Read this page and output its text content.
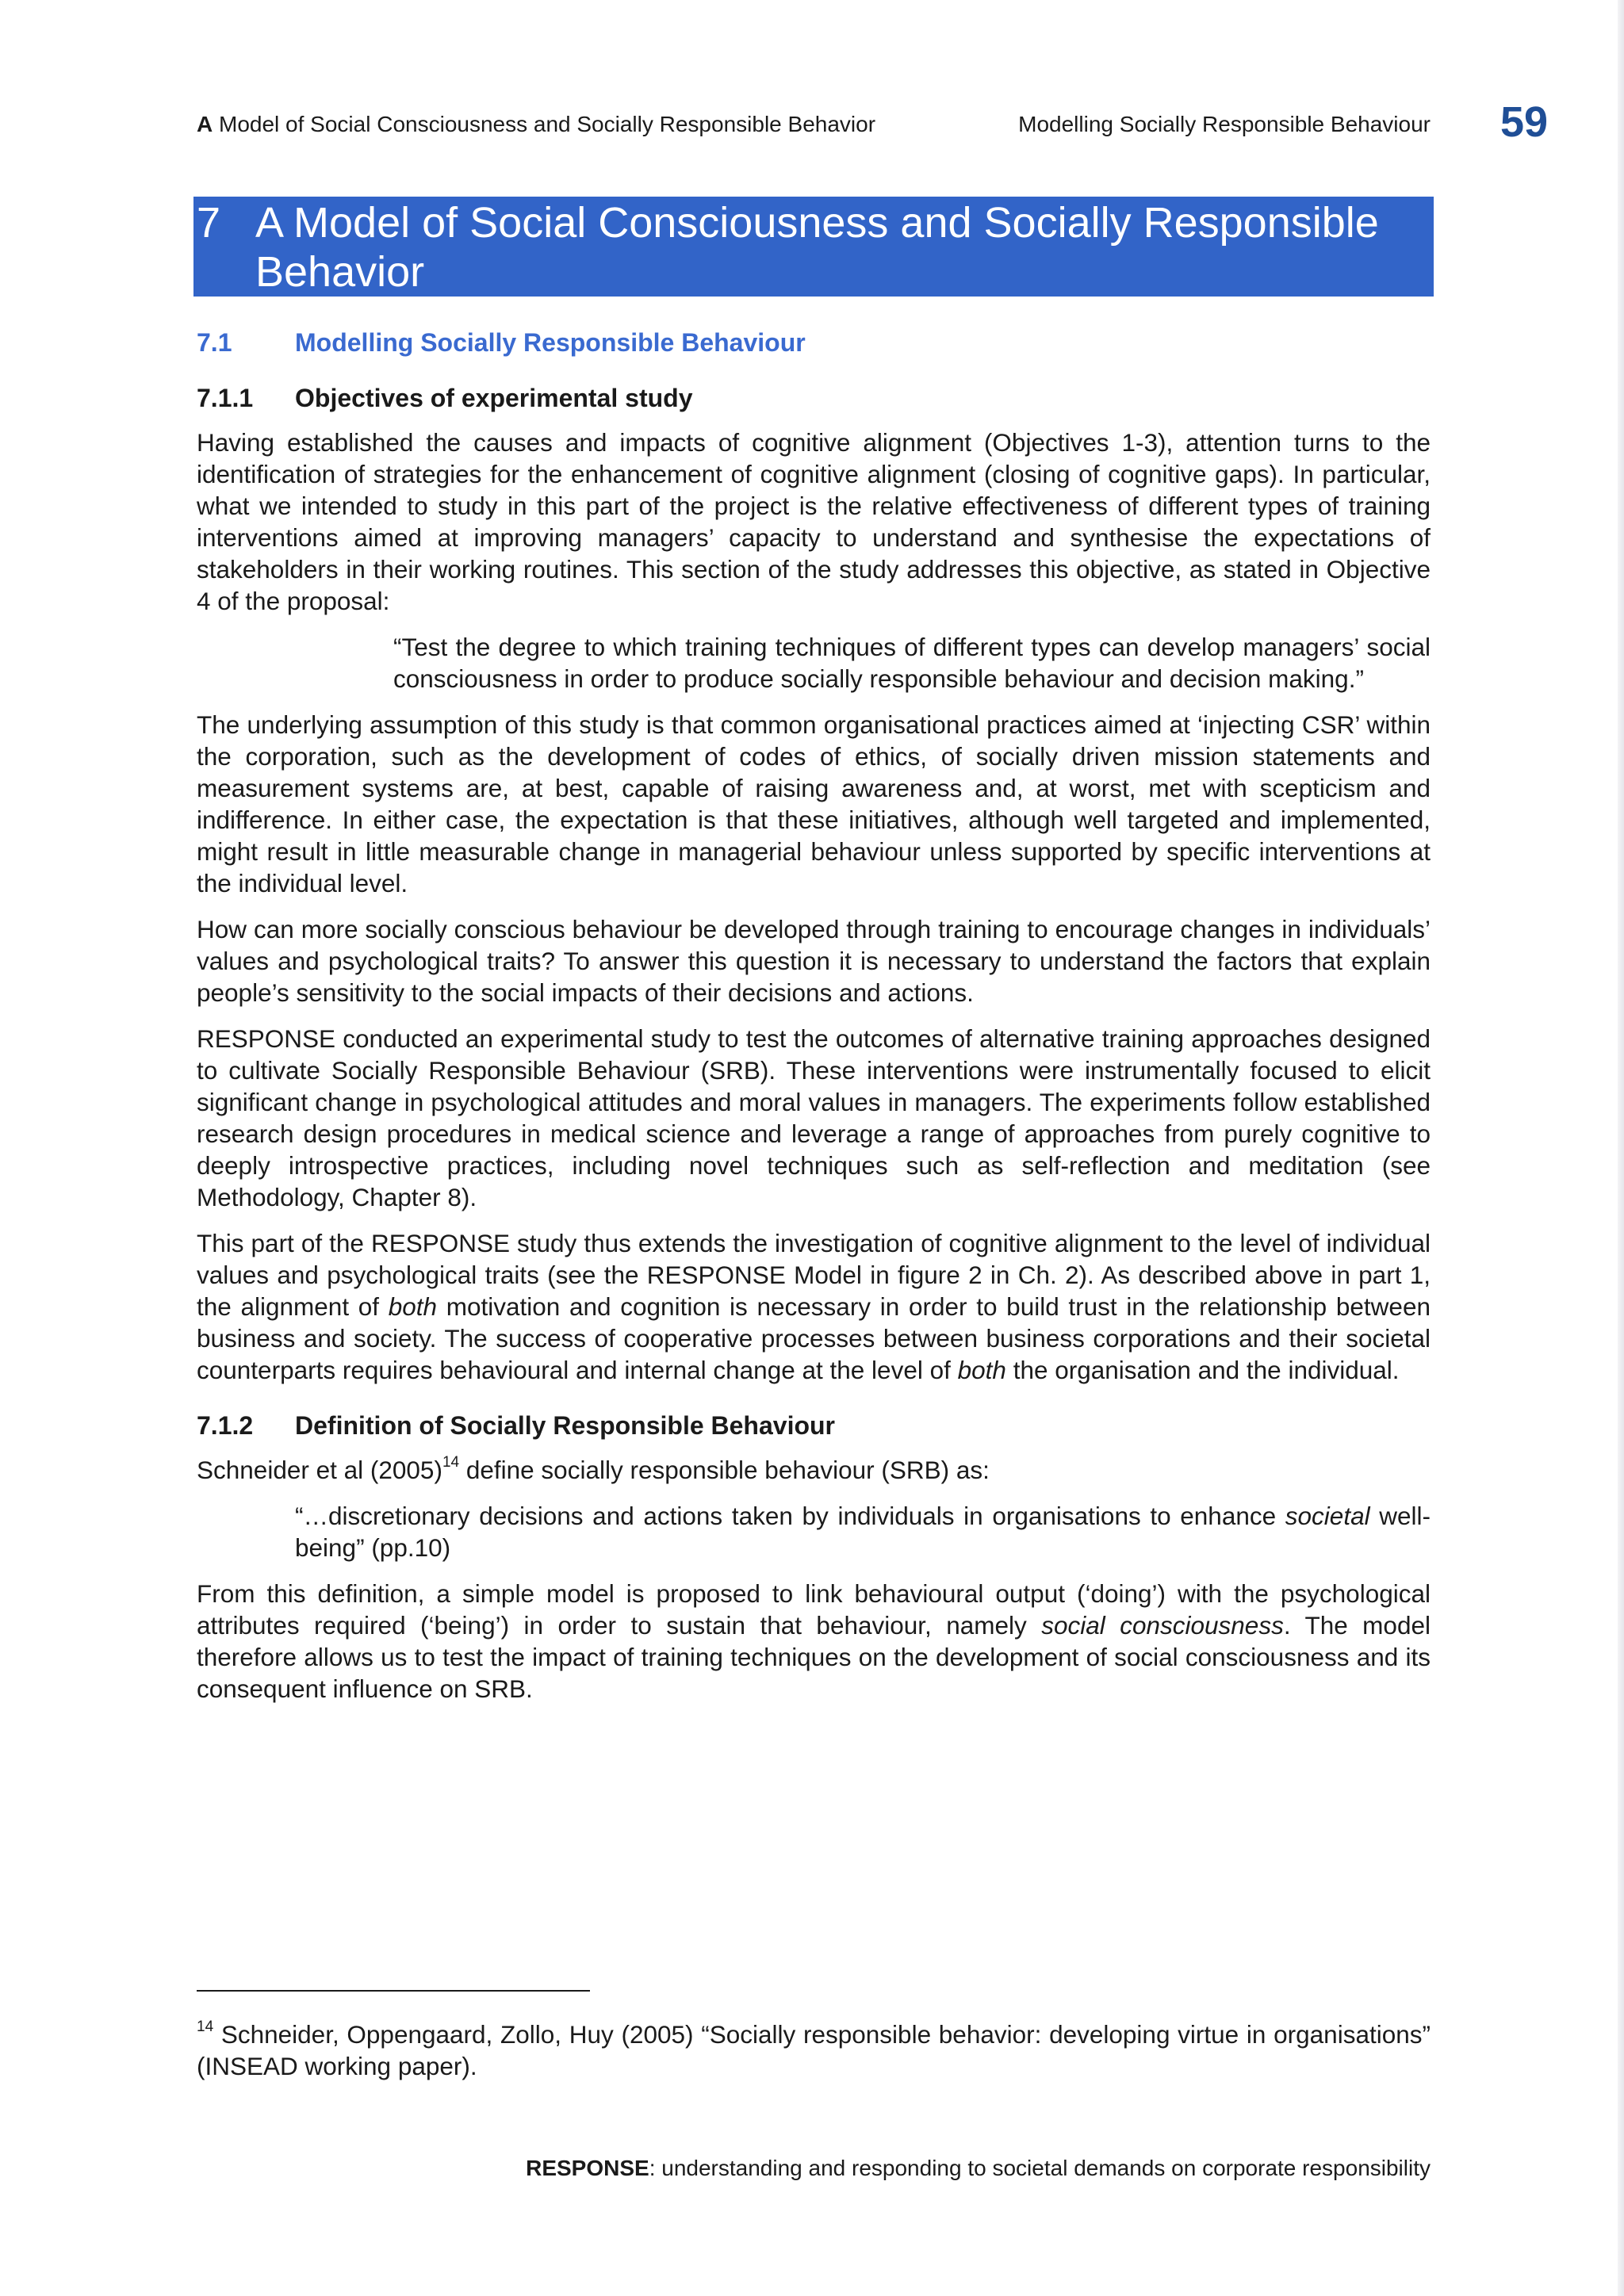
A Model of Social Consciousness and Socially Responsible Behavior	Modelling Socially Responsible Behaviour 59
7 A Model of Social Consciousness and Socially Responsible Behavior
7.1 Modelling Socially Responsible Behaviour
7.1.1 Objectives of experimental study

Having established the causes and impacts of cognitive alignment (Objectives 1-3), attention turns to the identification of strategies for the enhancement of cognitive alignment (closing of cognitive gaps). In particular, what we intended to study in this part of the project is the relative effectiveness of different types of training interventions aimed at improving managers’ capacity to understand and synthesise the expectations of stakeholders in their working routines. This section of the study addresses this objective, as stated in Objective 4 of the proposal:

“Test the degree to which training techniques of different types can develop managers’ social consciousness in order to produce socially responsible behaviour and decision making.”

The underlying assumption of this study is that common organisational practices aimed at ‘injecting CSR’ within the corporation, such as the development of codes of ethics, of socially driven mission statements and measurement systems are, at best, capable of raising awareness and, at worst, met with scepticism and indifference. In either case, the expectation is that these initiatives, although well targeted and implemented, might result in little measurable change in managerial behaviour unless supported by specific interventions at the individual level.

How can more socially conscious behaviour be developed through training to encourage changes in individuals’ values and psychological traits? To answer this question it is necessary to understand the factors that explain people’s sensitivity to the social impacts of their decisions and actions.

RESPONSE conducted an experimental study to test the outcomes of alternative training approaches designed to cultivate Socially Responsible Behaviour (SRB). These interventions were instrumentally focused to elicit significant change in psychological attitudes and moral values in managers. The experiments follow established research design procedures in medical science and leverage a range of approaches from purely cognitive to deeply introspective practices, including novel techniques such as self-reflection and meditation (see Methodology, Chapter 8).

This part of the RESPONSE study thus extends the investigation of cognitive alignment to the level of individual values and psychological traits (see the RESPONSE Model in figure 2 in Ch. 2). As described above in part 1, the alignment of both motivation and cognition is necessary in order to build trust in the relationship between business and society. The success of cooperative processes between business corporations and their societal counterparts requires behavioural and internal change at the level of both the organisation and the individual.

7.1.2 Definition of Socially Responsible Behaviour

Schneider et al $(2005)^{14}$ define socially responsible behaviour (SRB) as:

“…discretionary decisions and actions taken by individuals in organisations to enhance societal well-being” (pp.10)

From this definition, a simple model is proposed to link behavioural output (‘doing’) with the psychological attributes required (‘being’) in order to sustain that behaviour, namely social consciousness. The model therefore allows us to test the impact of training techniques on the development of social consciousness and its consequent influence on SRB.

$^{14}$ Schneider, Oppengaard, Zollo, Huy (2005) “Socially responsible behavior: developing virtue in organisations” (INSEAD working paper).
RESPONSE: understanding and responding to societal demands on corporate responsibility
